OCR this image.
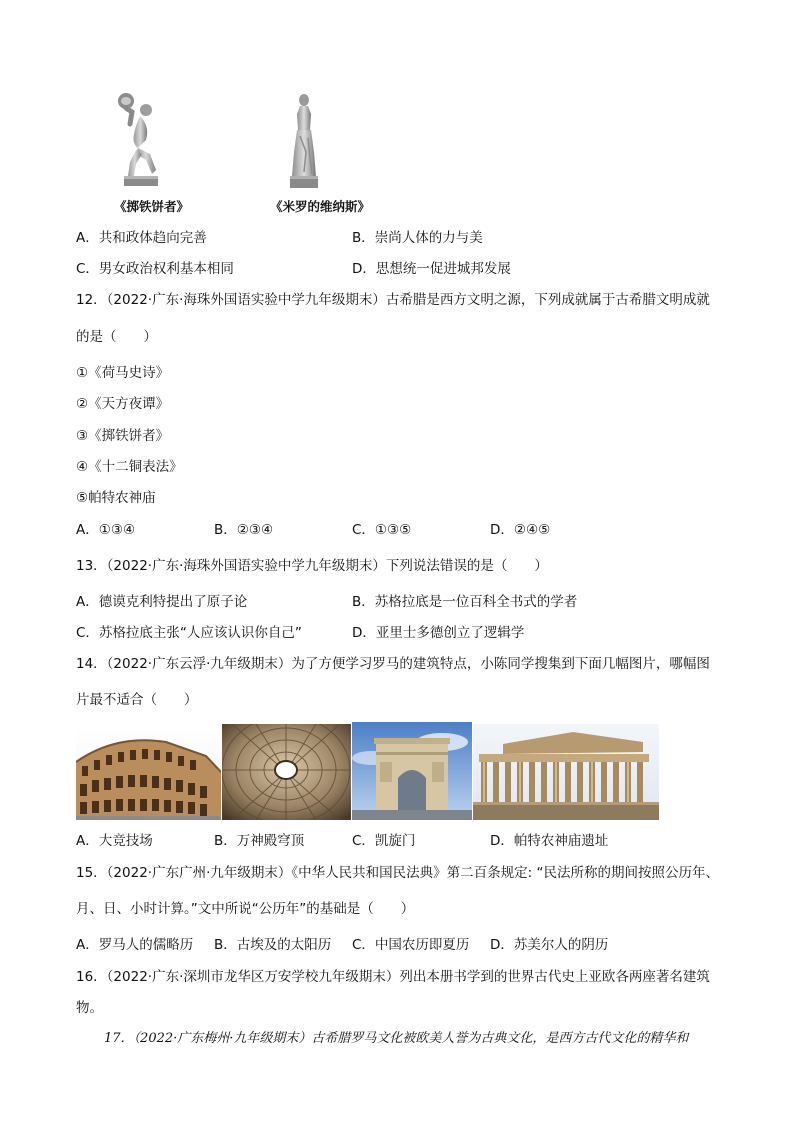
《掷铁饼者》	《米罗的维纳斯》
A．共和政体趋向完善	B．崇尚人体的力与美
C．男女政治权利基本相同	D．思想统一促进城邦发展
12．（2022·广东·海珠外国语实验中学九年级期末）古希腊是西方文明之源，下列成就属于古希腊文明成就
的是（　　）
①《荷马史诗》
②《天方夜谭》
③《掷铁饼者》
④《十二铜表法》
⑤帕特农神庙
A．①③④	B．②③④	C．①③⑤	D．②④⑤
13．（2022·广东·海珠外国语实验中学九年级期末）下列说法错误的是（　　）
A．德谟克利特提出了原子论	B．苏格拉底是一位百科全书式的学者
C．苏格拉底主张“人应该认识你自己”	D．亚里士多德创立了逻辑学
14．（2022·广东云浮·九年级期末）为了方便学习罗马的建筑特点，小陈同学搜集到下面几幅图片，哪幅图
片最不适合（　　）
A．大竞技场	B．万神殿穹顶	C．凯旋门	D．帕特农神庙遗址
15．（2022·广东广州·九年级期末）《中华人民共和国民法典》第二百条规定: “民法所称的期间按照公历年、
月、日、小时计算。”文中所说“公历年”的基础是（　　）
A．罗马人的儒略历 B．古埃及的太阳历 C．中国农历即夏历 D．苏美尔人的阴历
16．（2022·广东·深圳市龙华区万安学校九年级期末）列出本册书学到的世界古代史上亚欧各两座著名建筑
物。
17．（2022·广东梅州·九年级期末）古希腊罗马文化被欧美人誉为古典文化，是西方古代文化的精华和
